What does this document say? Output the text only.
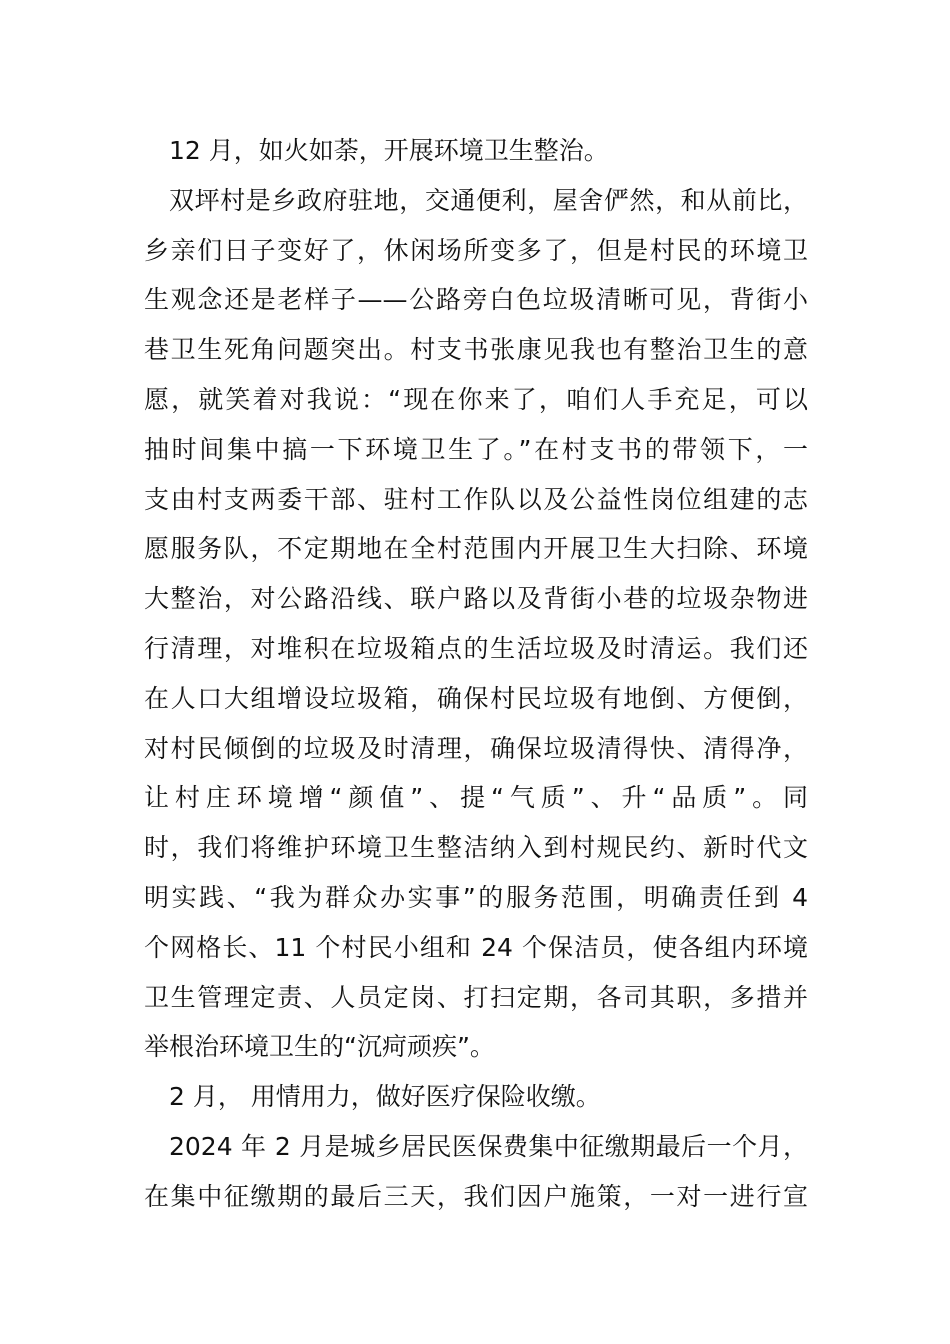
12 月，如火如荼，开展环境卫生整治。
双坪村是乡政府驻地，交通便利，屋舍俨然，和从前比，
乡亲们日子变好了，休闲场所变多了，但是村民的环境卫
生观念还是老样子——公路旁白色垃圾清晰可见，背街小
巷卫生死角问题突出。村支书张康见我也有整治卫生的意
愿，就笑着对我说：“现在你来了，咱们人手充足，可以
抽时间集中搞一下环境卫生了。”在村支书的带领下，一
支由村支两委干部、驻村工作队以及公益性岗位组建的志
愿服务队，不定期地在全村范围内开展卫生大扫除、环境
大整治，对公路沿线、联户路以及背街小巷的垃圾杂物进
行清理，对堆积在垃圾箱点的生活垃圾及时清运。我们还
在人口大组增设垃圾箱，确保村民垃圾有地倒、方便倒，
对村民倾倒的垃圾及时清理，确保垃圾清得快、清得净，
让村庄环境增“颜值”、提“气质”、升“品质”。同
时，我们将维护环境卫生整洁纳入到村规民约、新时代文
明实践、“我为群众办实事”的服务范围，明确责任到 4
个网格长、11 个村民小组和 24 个保洁员，使各组内环境
卫生管理定责、人员定岗、打扫定期，各司其职，多措并
举根治环境卫生的“沉疴顽疾”。
2 月， 用情用力，做好医疗保险收缴。
2024 年 2 月是城乡居民医保费集中征缴期最后一个月，
在集中征缴期的最后三天，我们因户施策，一对一进行宣
